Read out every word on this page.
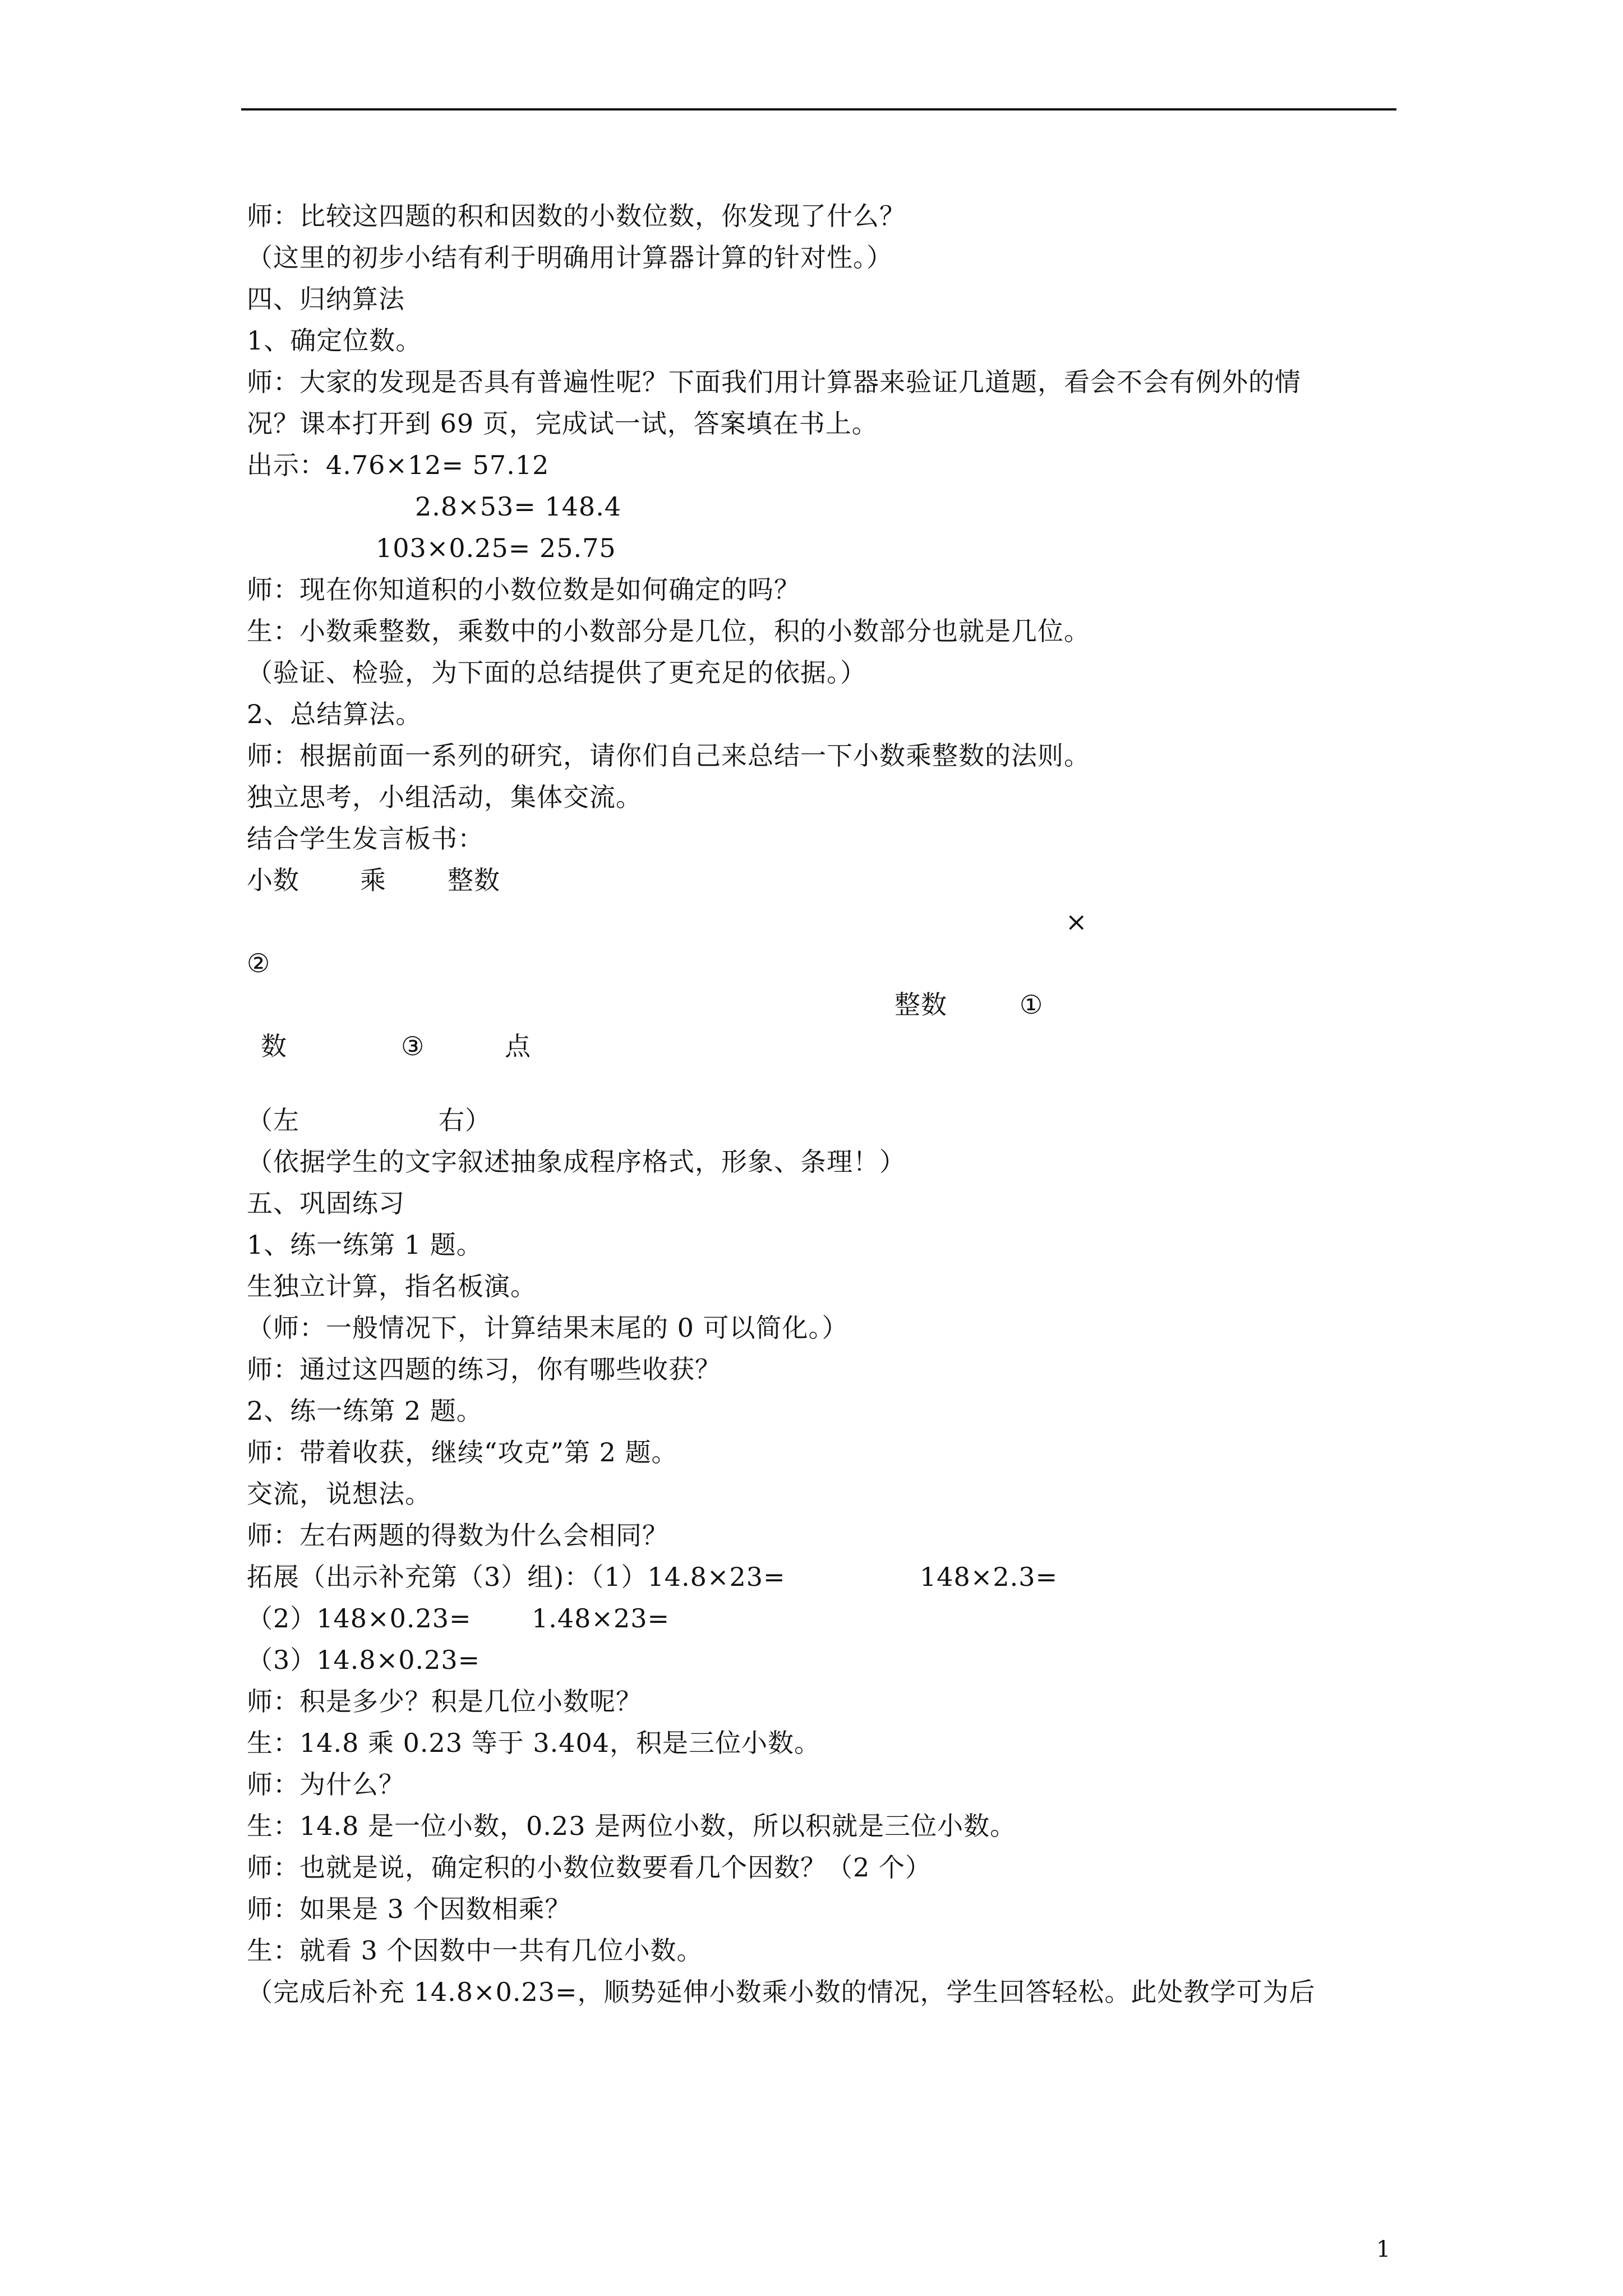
师：比较这四题的积和因数的小数位数，你发现了什么？
（这里的初步小结有利于明确用计算器计算的针对性。）
四、归纳算法
1、确定位数。
师：大家的发现是否具有普遍性呢？下面我们用计算器来验证几道题，看会不会有例外的情
况？课本打开到 69 页，完成试一试，答案填在书上。
出示：4.76×12= 57.12
2.8×53= 148.4
103×0.25= 25.75
师：现在你知道积的小数位数是如何确定的吗？
生：小数乘整数，乘数中的小数部分是几位，积的小数部分也就是几位。
（验证、检验，为下面的总结提供了更充足的依据。）
2、总结算法。
师：根据前面一系列的研究，请你们自己来总结一下小数乘整数的法则。
独立思考，小组活动，集体交流。
结合学生发言板书：
小数 乘 整数
×
②
整数	①
数	③	点
（左	右）
（依据学生的文字叙述抽象成程序格式，形象、条理！）
五、巩固练习
1、练一练第 1 题。
生独立计算，指名板演。
（师：一般情况下，计算结果末尾的 0 可以简化。）
师：通过这四题的练习，你有哪些收获？
2、练一练第 2 题。
师：带着收获，继续“攻克”第 2 题。
交流，说想法。
师：左右两题的得数为什么会相同？
拓展（出示补充第（3）组)：（1）14.8×23=	148×2.3=
（2）148×0.23= 1.48×23=
（3）14.8×0.23=
师：积是多少？积是几位小数呢？
生：14.8 乘 0.23 等于 3.404，积是三位小数。
师：为什么？
生：14.8 是一位小数，0.23 是两位小数，所以积就是三位小数。
师：也就是说，确定积的小数位数要看几个因数？（2 个）
师：如果是 3 个因数相乘？
生：就看 3 个因数中一共有几位小数。
（完成后补充 14.8×0.23=，顺势延伸小数乘小数的情况，学生回答轻松。此处教学可为后
1
